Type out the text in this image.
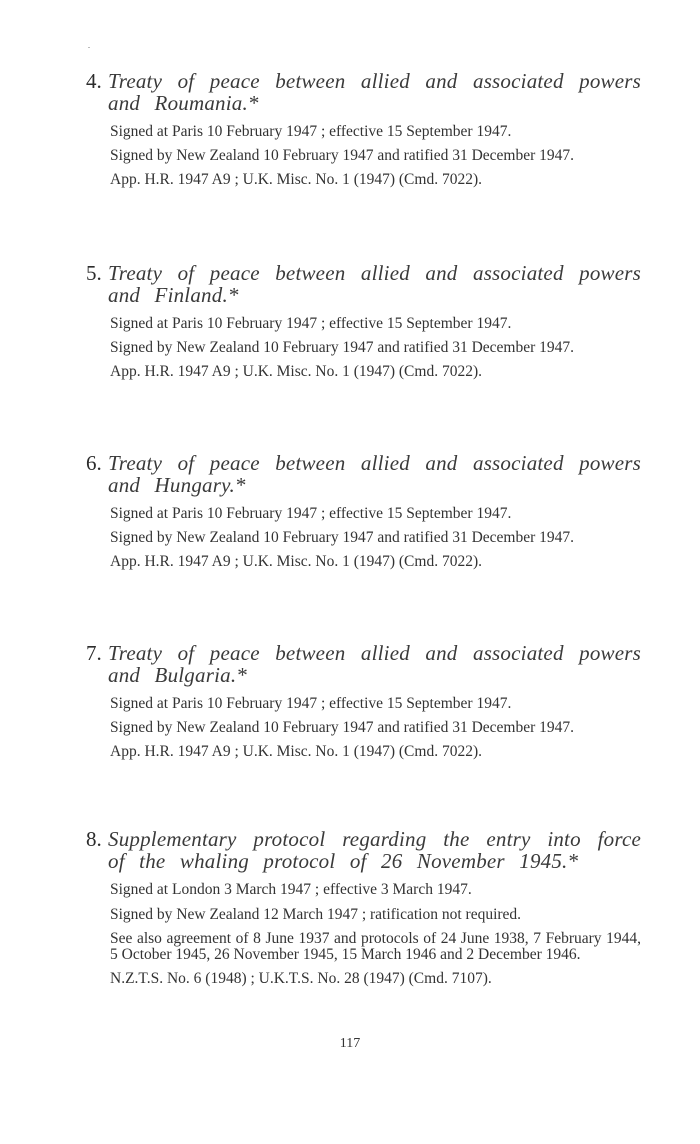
4. Treaty of peace between allied and associated powers and Roumania.*
Signed at Paris 10 February 1947 ; effective 15 September 1947.
Signed by New Zealand 10 February 1947 and ratified 31 December 1947.
App. H.R. 1947 A9 ; U.K. Misc. No. 1 (1947) (Cmd. 7022).
5. Treaty of peace between allied and associated powers and Finland.*
Signed at Paris 10 February 1947 ; effective 15 September 1947.
Signed by New Zealand 10 February 1947 and ratified 31 December 1947.
App. H.R. 1947 A9 ; U.K. Misc. No. 1 (1947) (Cmd. 7022).
6. Treaty of peace between allied and associated powers and Hungary.*
Signed at Paris 10 February 1947 ; effective 15 September 1947.
Signed by New Zealand 10 February 1947 and ratified 31 December 1947.
App. H.R. 1947 A9 ; U.K. Misc. No. 1 (1947) (Cmd. 7022).
7. Treaty of peace between allied and associated powers and Bulgaria.*
Signed at Paris 10 February 1947 ; effective 15 September 1947.
Signed by New Zealand 10 February 1947 and ratified 31 December 1947.
App. H.R. 1947 A9 ; U.K. Misc. No. 1 (1947) (Cmd. 7022).
8. Supplementary protocol regarding the entry into force of the whaling protocol of 26 November 1945.*
Signed at London 3 March 1947 ; effective 3 March 1947.
Signed by New Zealand 12 March 1947 ; ratification not required.
See also agreement of 8 June 1937 and protocols of 24 June 1938, 7 February 1944, 5 October 1945, 26 November 1945, 15 March 1946 and 2 December 1946.
N.Z.T.S. No. 6 (1948) ; U.K.T.S. No. 28 (1947) (Cmd. 7107).
117
